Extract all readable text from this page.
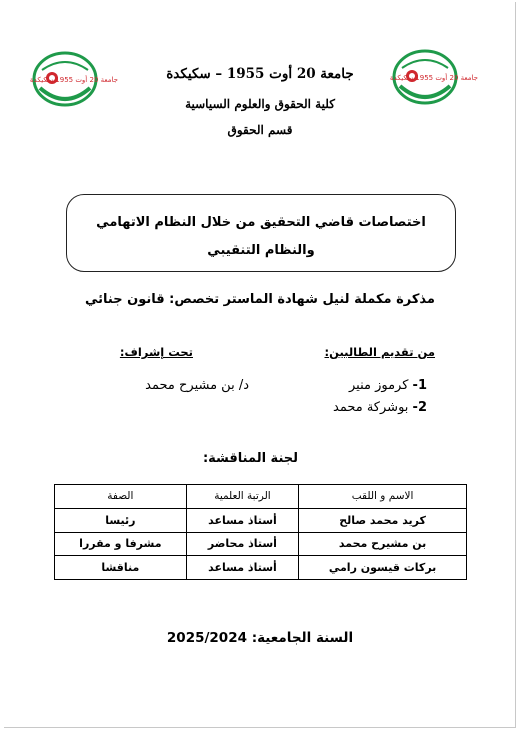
جامعة 20 أوت 1955 سكيكدة	جامعة 20 أوت 1955 سكيكدة
جامعة 20 أوت 1955 – سكيكدة
كلية الحقوق والعلوم السياسية
قسم الحقوق
اختصاصات قاضي التحقيق من خلال النظام الاتهامي
والنظام التنقيبي
مذكرة مكملة لنيل شهادة الماستر تخصص: قانون جنائي
من تقديم الطالبين:
تحت إشراف:
1- كرموز منير
2- بوشركة محمد
د/ بن مشيرح محمد
لجنة المناقشة:
الاسم و اللقب	الرتبة العلمية	الصفة
كريد محمد صالح	أستاذ مساعد	رئيسا
بن مشيرح محمد	أستاذ محاضر	مشرفا و مقررا
بركات قيسون رامي	أستاذ مساعد	مناقشا
السنة الجامعية: 2025/2024
